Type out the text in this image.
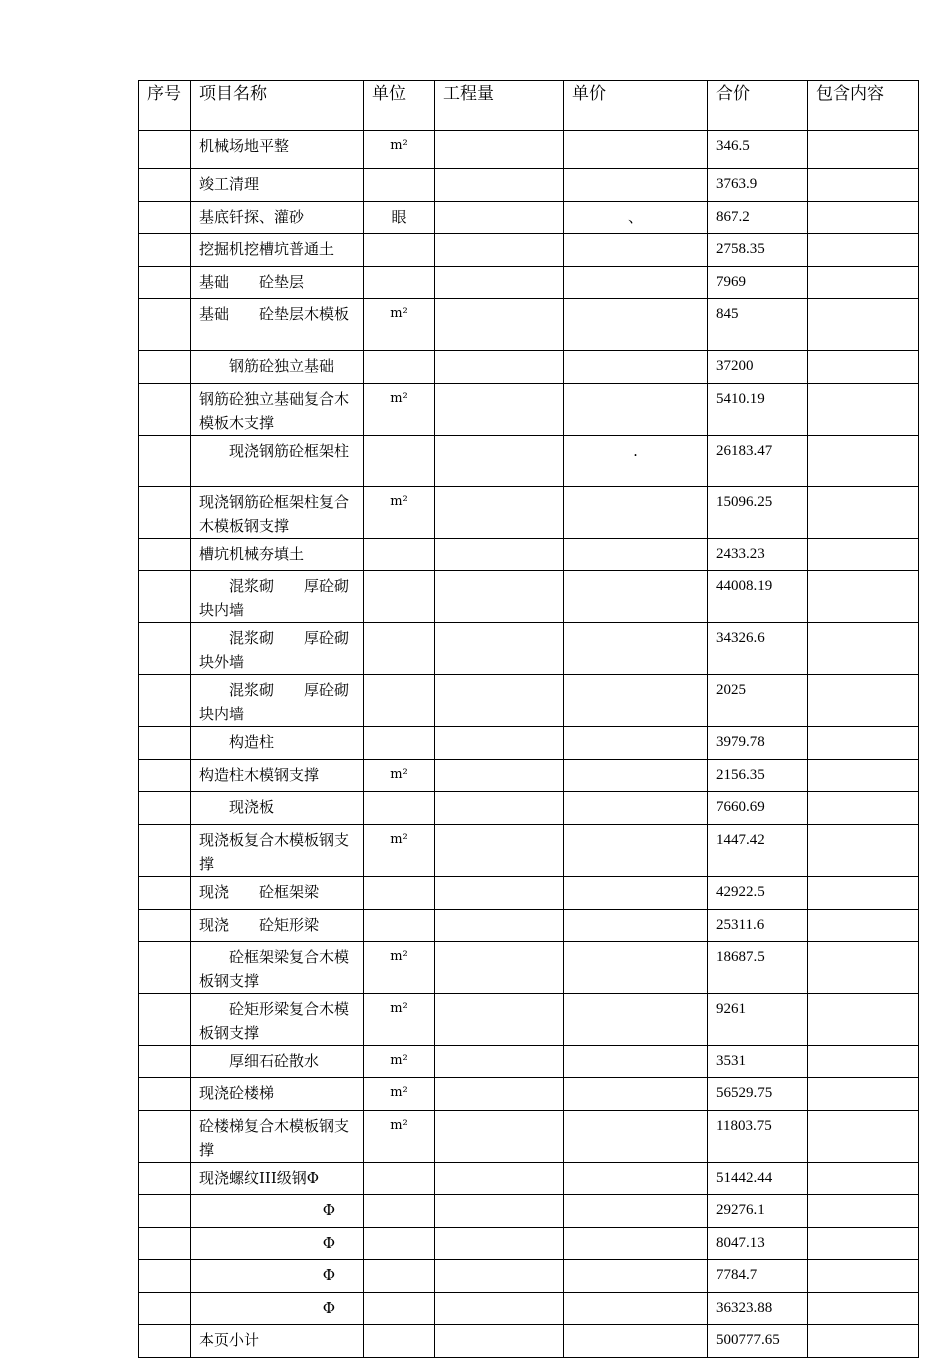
序号	项目名称	单位	工程量	单价	合价	包含内容
	机械场地平整	m²			346.5	
	竣工清理				3763.9	
	基底钎探、灌砂	眼		、	867.2	
	挖掘机挖槽坑普通土				2758.35	
	基础　　砼垫层				7969	
	基础　　砼垫层木模板	m²			845	
	　　钢筋砼独立基础				37200	
	钢筋砼独立基础复合木模板木支撑	m²			5410.19	
	　　现浇钢筋砼框架柱			.	26183.47	
	现浇钢筋砼框架柱复合木模板钢支撑	m²			15096.25	
	槽坑机械夯填土				2433.23	
	　　混浆砌　　厚砼砌块内墙				44008.19	
	　　混浆砌　　厚砼砌块外墙				34326.6	
	　　混浆砌　　厚砼砌块内墙				2025	
	　　构造柱				3979.78	
	构造柱木模钢支撑	m²			2156.35	
	　　现浇板				7660.69	
	现浇板复合木模板钢支撑	m²			1447.42	
	现浇　　砼框架梁				42922.5	
	现浇　　砼矩形梁				25311.6	
	　　砼框架梁复合木模板钢支撑	m²			18687.5	
	　　砼矩形梁复合木模板钢支撑	m²			9261	
	　　厚细石砼散水	m²			3531	
	现浇砼楼梯	m²			56529.75	
	砼楼梯复合木模板钢支撑	m²			11803.75	
	现浇螺纹III级钢Φ				51442.44	
	Φ				29276.1	
	Φ				8047.13	
	Φ				7784.7	
	Φ				36323.88	
	本页小计				500777.65	
